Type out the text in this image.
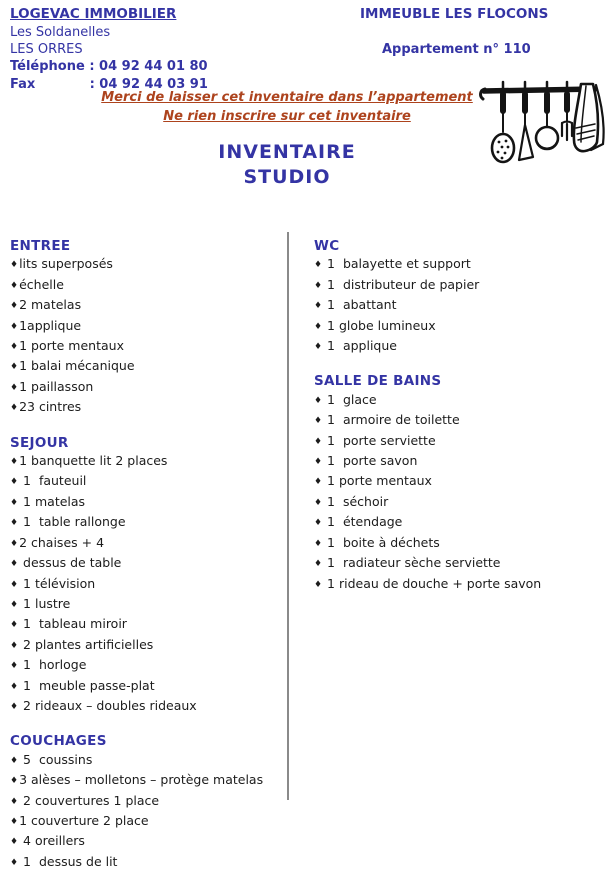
LOGEVAC IMMOBILIER	IMMEUBLE LES FLOCONS
Les Soldanelles
LES ORRES	Appartement n° 110
Téléphone : 04 92 44 01 80
Fax            : 04 92 44 03 91
Merci de laisser cet inventaire dans l’appartement
Ne rien inscrire sur cet inventaire
INVENTAIRE
STUDIO
ENTREE
♦lits superposés
♦échelle
♦2 matelas
♦1applique
♦1 porte mentaux
♦1 balai mécanique
♦1 paillasson
♦23 cintres
SEJOUR
♦1 banquette lit 2 places
♦ 1  fauteuil
♦ 1 matelas
♦ 1  table rallonge
♦2 chaises + 4
♦ dessus de table
♦ 1 télévision
♦ 1 lustre
♦ 1  tableau miroir
♦ 2 plantes artificielles
♦ 1  horloge
♦ 1  meuble passe-plat
♦ 2 rideaux – doubles rideaux
COUCHAGES
♦ 5  coussins
♦3 alèses – molletons – protège matelas
♦ 2 couvertures 1 place
♦1 couverture 2 place
♦ 4 oreillers
♦ 1  dessus de lit
WC
♦ 1  balayette et support
♦ 1  distributeur de papier
♦ 1  abattant
♦ 1 globe lumineux
♦ 1  applique
SALLE DE BAINS
♦ 1  glace
♦ 1  armoire de toilette
♦ 1  porte serviette
♦ 1  porte savon
♦ 1 porte mentaux
♦ 1  séchoir
♦ 1  étendage
♦ 1  boite à déchets
♦ 1  radiateur sèche serviette
♦ 1 rideau de douche + porte savon
